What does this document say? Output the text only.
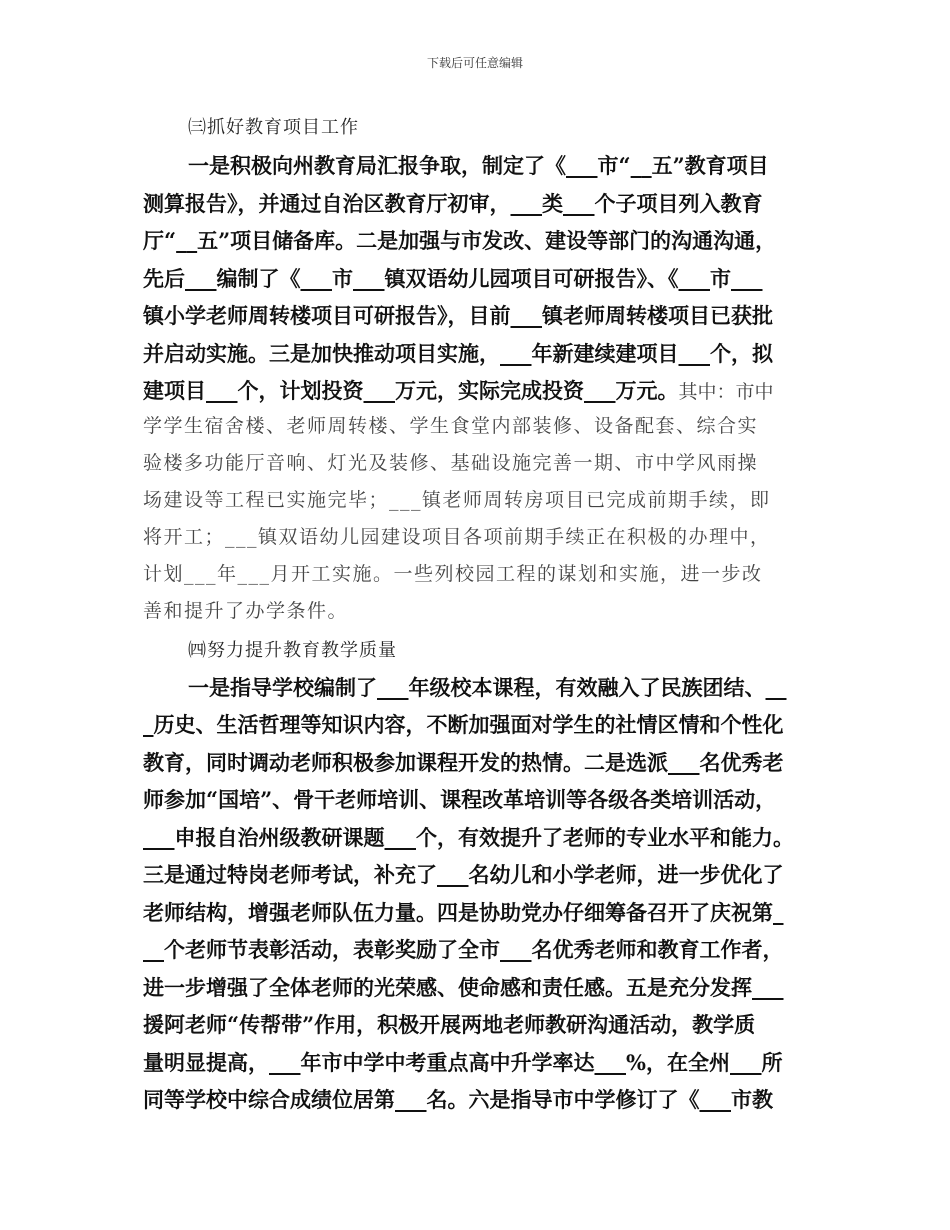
下载后可任意编辑
㈢抓好教育项目工作
一是积极向州教育局汇报争取，制定了《___市“__五”教育项目
测算报告》，并通过自治区教育厅初审，___类___个子项目列入教育
厅“__五”项目储备库。二是加强与市发改、建设等部门的沟通沟通，
先后___编制了《___市___镇双语幼儿园项目可研报告》、《___市___
镇小学老师周转楼项目可研报告》，目前___镇老师周转楼项目已获批
并启动实施。三是加快推动项目实施，___年新建续建项目___个，拟
建项目___个，计划投资___万元，实际完成投资___万元。其中：市中
学学生宿舍楼、老师周转楼、学生食堂内部装修、设备配套、综合实
验楼多功能厅音响、灯光及装修、基础设施完善一期、市中学风雨操
场建设等工程已实施完毕；___镇老师周转房项目已完成前期手续，即
将开工；___镇双语幼儿园建设项目各项前期手续正在积极的办理中，
计划___年___月开工实施。一些列校园工程的谋划和实施，进一步改
善和提升了办学条件。
㈣努力提升教育教学质量
一是指导学校编制了___年级校本课程，有效融入了民族团结、__
_历史、生活哲理等知识内容，不断加强面对学生的社情区情和个性化
教育，同时调动老师积极参加课程开发的热情。二是选派___名优秀老
师参加“国培”、骨干老师培训、课程改革培训等各级各类培训活动，
___申报自治州级教研课题___个，有效提升了老师的专业水平和能力。
三是通过特岗老师考试，补充了___名幼儿和小学老师，进一步优化了
老师结构，增强老师队伍力量。四是协助党办仔细筹备召开了庆祝第_
__个老师节表彰活动，表彰奖励了全市___名优秀老师和教育工作者，
进一步增强了全体老师的光荣感、使命感和责任感。五是充分发挥___
援阿老师“传帮带”作用，积极开展两地老师教研沟通活动，教学质
量明显提高，___年市中学中考重点高中升学率达___%，在全州___所
同等学校中综合成绩位居第___名。六是指导市中学修订了《___市教
